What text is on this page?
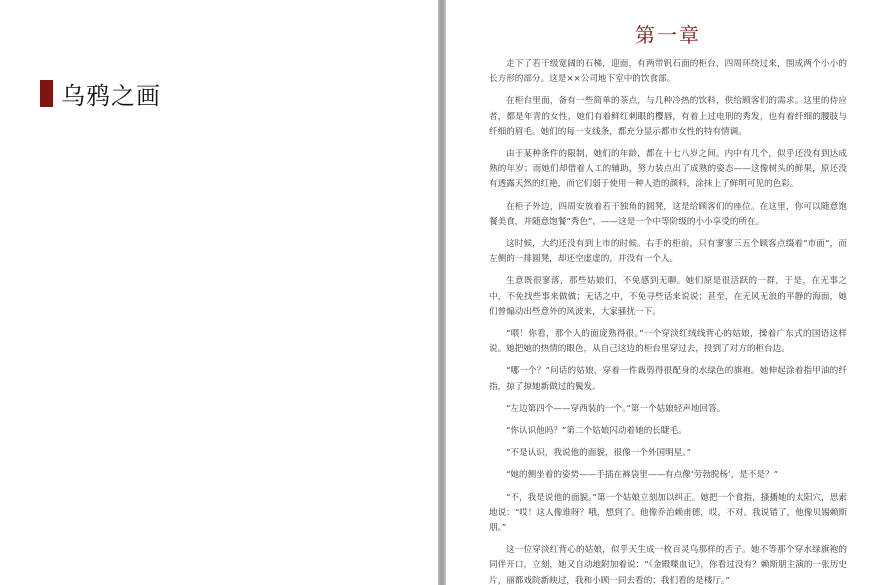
乌鸦之画
第一章

走下了若干级宽阔的石梯，迎面，有两带钒石面的柜台，四周环绕过来，围成两个小小的长方形的部分。这是××公司地下室中的饮食部。

在柜台里面，备有一些简单的茶点，与几种冷热的饮料，供给顾客们的需求。这里的侍应者，都是年青的女性，她们有着鲜红刺眼的樱唇，有着上过电刑的秀发，也有着纤细的腰肢与纤细的眉毛。她们的每一支线条，都充分显示都市女性的特有情调。

由于某种条件的限制，她们的年龄，都在十七八岁之间。内中有几个，似乎还没有到达成熟的年岁；而她们却借着人工的辅助，努力装点出了成熟的姿态——这像树头的鲜果，原还没有透露天然的红艳，而它们弱于使用一种人造的颜料，涂抹上了鲜明可见的色彩。

在柜子外边，四周安放着若干独角的圆凳，这是给顾客们的座位。在这里，你可以随意饱餐美食，并随意饱餐“秀色”，——这是一个中等阶级的小小享受的所在。

这时候，大约还没有到上市的时候。右手的柜前，只有寥寥三五个顾客点缀着“市面”，而左侧的一排圆凳，却还空虚虚的，并没有一个人。

生意既很寥落，那些姑娘们，不免感到无聊。她们原是很活跃的一群，于是，在无事之中，不免找些事来做做；无话之中，不免寻些话来说说；甚至，在无风无浪的平静的海面，她们曾煽动出些意外的风波来，大家骚扰一下。

“喂！你看，那个人的面庞熟得很。”一个穿淡红绒线背心的姑娘，操着广东式的国语这样说。她把她的热情的眼色，从自己这边的柜台里穿过去，投到了对方的柜台边。

“哪一个？”问话的姑娘，穿着一件裁剪得很配身的水绿色的旗袍。她伸起涂着指甲油的纤指，掠了掠她新做过的鬓发。

“左边第四个——穿西装的一个。”第一个姑娘轻声地回答。

“你认识他吗？”第二个姑娘闪动着她的长睫毛。

“不是认识，我说他的面貌，很像一个外国明星。”

“她的侧坐着的姿势——手插在裤袋里——有点像‘劳勃脱杨’，是不是？”

“不，我是说他的面貌。”第一个姑娘立刻加以纠正。她把一个食指，搔播她的太阳穴，思索地说：“哎！这人像谁呀？哦，想到了。他像乔治赖甫德，哎，不对。我说错了，他像贝锡赖斯朋。”

这一位穿淡红背心的姑娘，似乎天生成一枚百灵鸟那样的舌子。她不等那个穿水绿旗袍的同伴开口，立刻，她又自动地附加着说：“《金殿喋血记》，你看过没有？赖斯朋主演的一张历史片，丽都戏院新映过，我和小顾一同去看的；我们看的是楼厅。”
